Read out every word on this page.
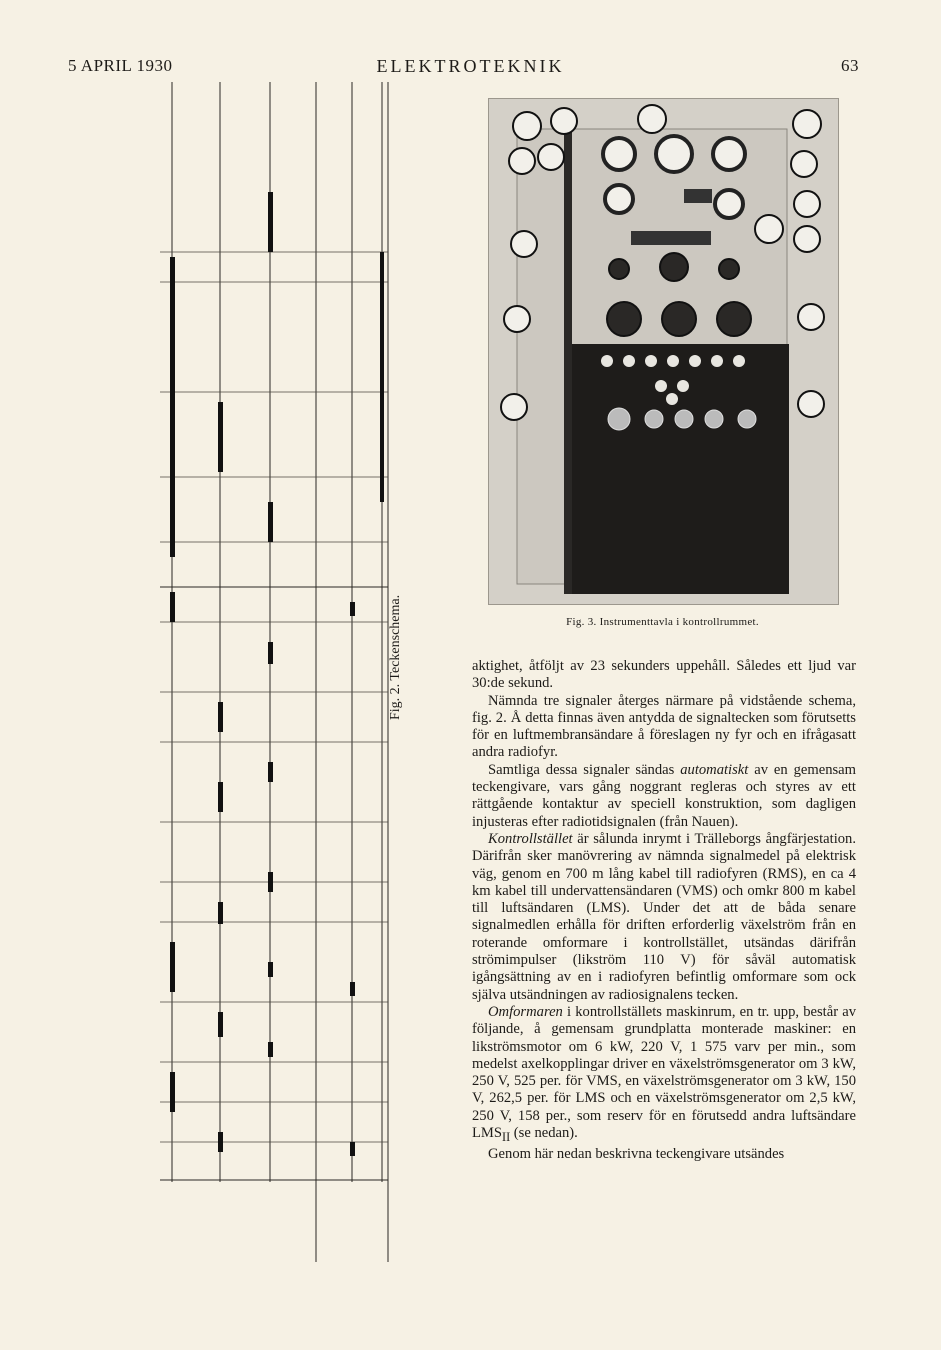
5 APRIL 1930	ELEKTROTEKNIK	63
Fig. 2. Teckenschema.	Fig. 3. Instrumenttavla i kontrollrummet.

aktighet, åtföljt av 23 sekunders uppehåll. Således ett ljud var 30:de sekund.

Nämnda tre signaler återges närmare på vidstående schema, fig. 2. Å detta finnas även antydda de signaltecken som förutsetts för en luftmembransändare å föreslagen ny fyr och en ifrågasatt andra radiofyr.

Samtliga dessa signaler sändas automatiskt av en gemensam teckengivare, vars gång noggrant regleras och styres av ett rättgående kontaktur av speciell konstruktion, som dagligen injusteras efter radiotidsignalen (från Nauen).

Kontrollstället är sålunda inrymt i Trälleborgs ångfärjestation. Därifrån sker manövrering av nämnda signalmedel på elektrisk väg, genom en 700 m lång kabel till radiofyren (RMS), en ca 4 km kabel till undervattensändaren (VMS) och omkr 800 m kabel till luftsändaren (LMS). Under det att de båda senare signalmedlen erhålla för driften erforderlig växelström från en roterande omformare i kontrollstället, utsändas därifrån strömimpulser (likström 110 V) för såväl automatisk igångsättning av en i radiofyren befintlig omformare som ock själva utsändningen av radiosignalens tecken.

Omformaren i kontrollställets maskinrum, en tr. upp, består av följande, å gemensam grundplatta monterade maskiner: en likströmsmotor om 6 kW, 220 V, 1 575 varv per min., som medelst axelkopplingar driver en växelströmsgenerator om 3 kW, 250 V, 525 per. för VMS, en växelströmsgenerator om 3 kW, 150 V, 262,5 per. för LMS och en växelströmsgenerator om 2,5 kW, 250 V, 158 per., som reserv för en förutsedd andra luftsändare $LMS_{II}$ (se nedan).

Genom här nedan beskrivna teckengivare utsändes
